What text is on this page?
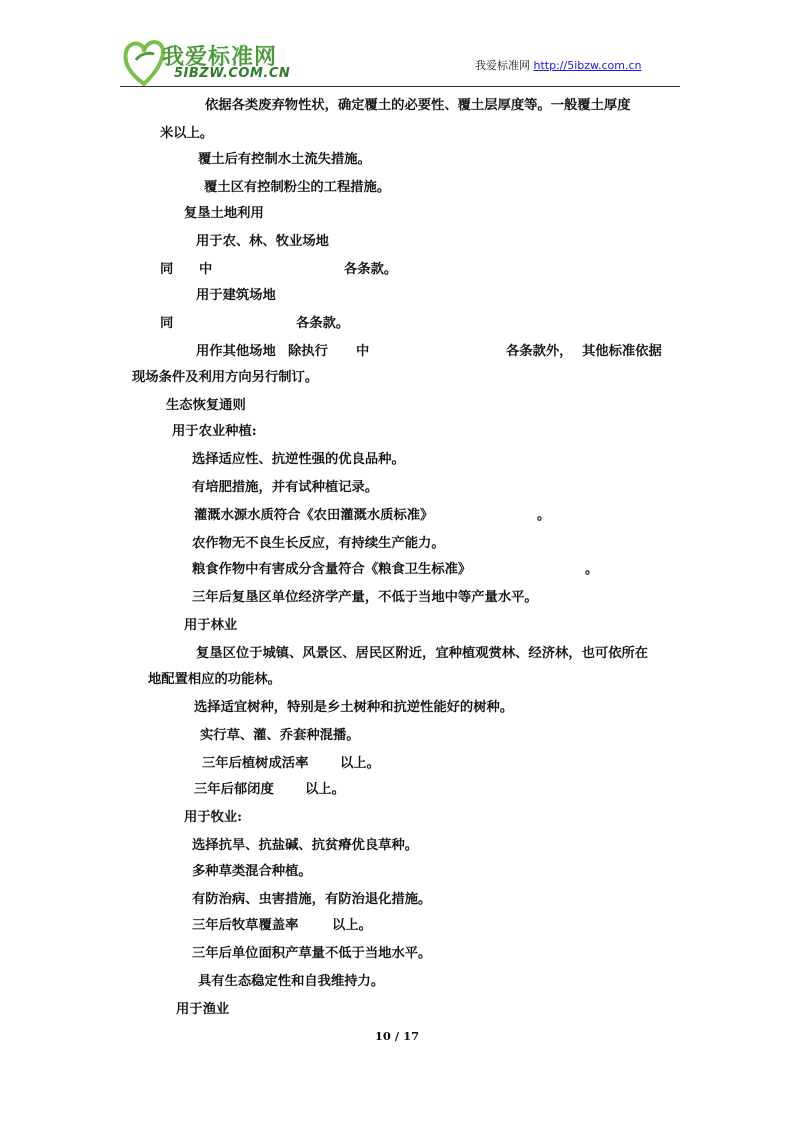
我爱标准网
5IBZW.COM.CN
我爱标准网 http://5ibzw.com.cn
依据各类废弃物性状，确定覆土的必要性、覆土层厚度等。一般覆土厚度
米以上。
覆土后有控制水土流失措施。
覆土区有控制粉尘的工程措施。
复垦土地利用
用于农、林、牧业场地
同 中	各条款。
用于建筑场地
同	各条款。
用作其他场地 除执行 中	各条款外， 其他标准依据
现场条件及利用方向另行制订。
生态恢复通则
用于农业种植:
选择适应性、抗逆性强的优良品种。
有培肥措施，并有试种植记录。
灌溉水源水质符合《农田灌溉水质标准》	。
农作物无不良生长反应，有持续生产能力。
粮食作物中有害成分含量符合《粮食卫生标准》	。
三年后复垦区单位经济学产量，不低于当地中等产量水平。
用于林业
复垦区位于城镇、风景区、居民区附近，宜种植观赏林、经济林，也可依所在
地配置相应的功能林。
选择适宜树种，特别是乡土树种和抗逆性能好的树种。
实行草、灌、乔套种混播。
三年后植树成活率 以上。
三年后郁闭度 以上。
用于牧业:
选择抗旱、抗盐碱、抗贫瘠优良草种。
多种草类混合种植。
有防治病、虫害措施，有防治退化措施。
三年后牧草覆盖率	以上。
三年后单位面积产草量不低于当地水平。
具有生态稳定性和自我维持力。
用于渔业
10 / 17
